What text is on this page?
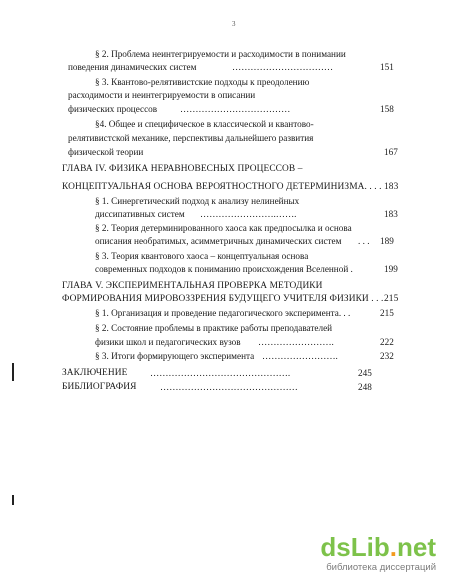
3
§ 2. Проблема неинтегрируемости и расходимости в понимании
поведения динамических систем	……………………………	151
§ 3. Квантово-релятивистские подходы к преодолению
расходимости и неинтегрируемости в описании
физических процессов ………………………………	158
§4. Общее и специфическое в классической и квантово-
релятивистской механике, перспективы дальнейшего развития
физической теории	167
ГЛАВА IV. ФИЗИКА НЕРАВНОВЕСНЫХ ПРОЦЕССОВ –
КОНЦЕПТУАЛЬНАЯ ОСНОВА ВЕРОЯТНОСТНОГО ДЕТЕРМИНИЗМА. . . . 183
§ 1. Синергетический подход к анализу нелинейных
диссипативных систем …………………….…….	183
§ 2. Теория детерминированного хаоса как предпосылка и основа
описания необратимых, асимметричных динамических систем . . . 189
§ 3. Теория квантового хаоса – концептуальная основа
современных подходов к пониманию происхождения Вселенной .	199
ГЛАВА V. ЭКСПЕРИМЕНТАЛЬНАЯ ПРОВЕРКА МЕТОДИКИ
ФОРМИРОВАНИЯ МИРОВОЗЗРЕНИЯ БУДУЩЕГО УЧИТЕЛЯ ФИЗИКИ . . . 215
§ 1. Организация и проведение педагогического эксперимента. . .	215
§ 2. Состояние проблемы в практике работы преподавателей
физики школ и педагогических вузов …………………….	222
§ 3. Итоги формирующего эксперимента …………………….	232
ЗАКЛЮЧЕНИЕ ……………………………………….	245
БИБЛИОГРАФИЯ	………………………………………	248
dsLib.net
библиотека диссертаций
